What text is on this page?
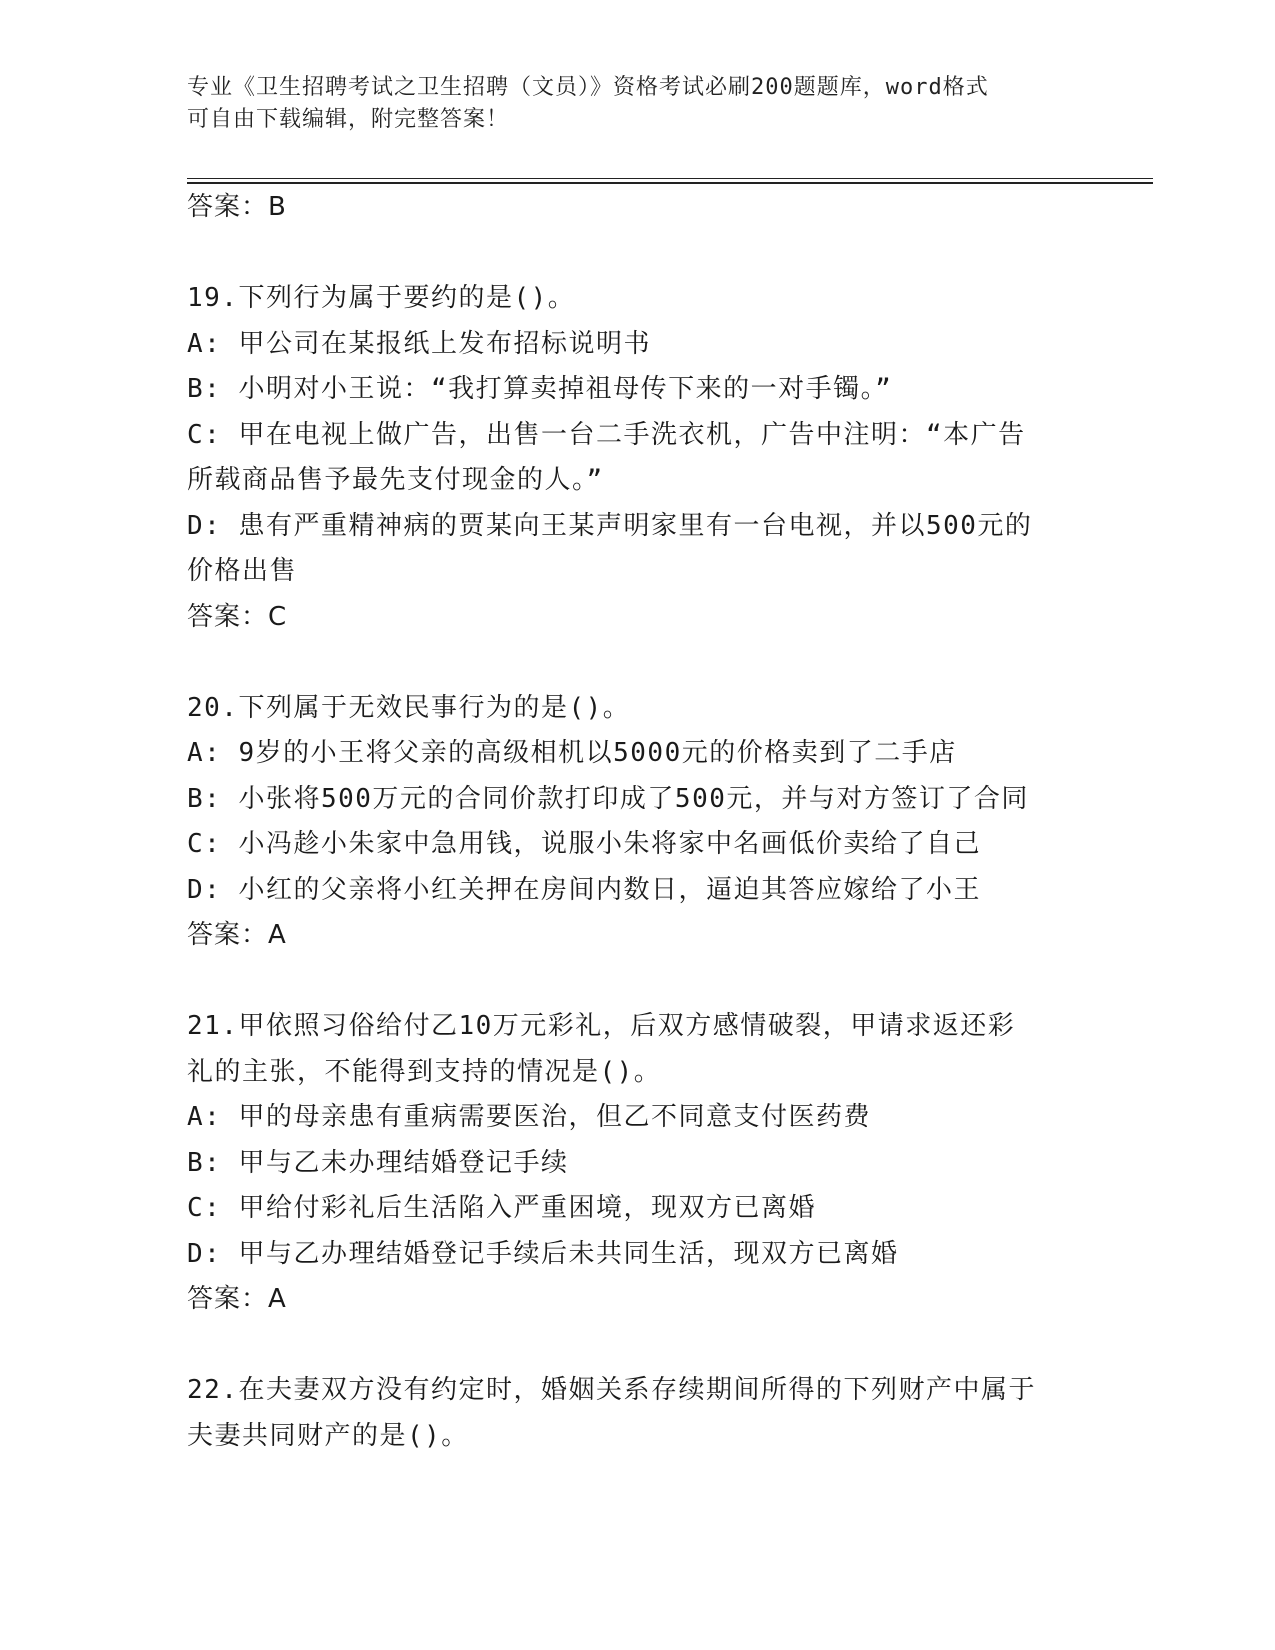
专业《卫生招聘考试之卫生招聘（文员）》资格考试必刷200题题库，word格式
可自由下载编辑，附完整答案！
答案：B
19.下列行为属于要约的是()。
A: 甲公司在某报纸上发布招标说明书
B: 小明对小王说：“我打算卖掉祖母传下来的一对手镯。”
C: 甲在电视上做广告，出售一台二手洗衣机，广告中注明：“本广告
所载商品售予最先支付现金的人。”
D: 患有严重精神病的贾某向王某声明家里有一台电视，并以500元的
价格出售
答案：C
20.下列属于无效民事行为的是()。
A: 9岁的小王将父亲的高级相机以5000元的价格卖到了二手店
B: 小张将500万元的合同价款打印成了500元，并与对方签订了合同
C: 小冯趁小朱家中急用钱，说服小朱将家中名画低价卖给了自己
D: 小红的父亲将小红关押在房间内数日，逼迫其答应嫁给了小王
答案：A
21.甲依照习俗给付乙10万元彩礼，后双方感情破裂，甲请求返还彩
礼的主张，不能得到支持的情况是()。
A: 甲的母亲患有重病需要医治，但乙不同意支付医药费
B: 甲与乙未办理结婚登记手续
C: 甲给付彩礼后生活陷入严重困境，现双方已离婚
D: 甲与乙办理结婚登记手续后未共同生活，现双方已离婚
答案：A
22.在夫妻双方没有约定时，婚姻关系存续期间所得的下列财产中属于
夫妻共同财产的是()。
